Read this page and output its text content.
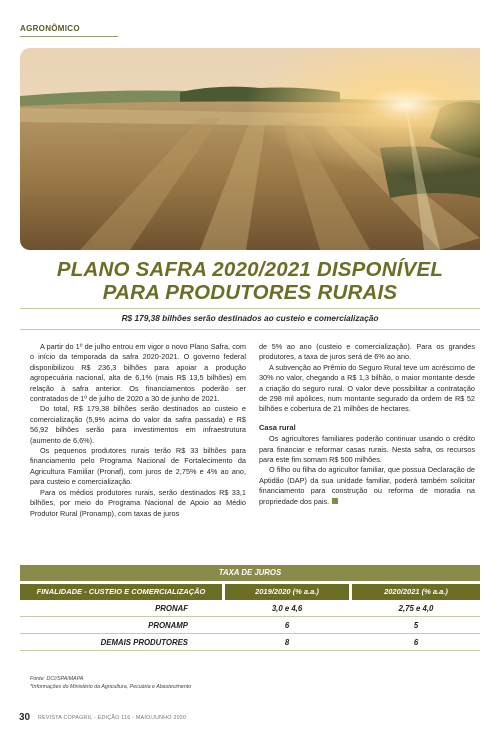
AGRONÔMICO
PLANO SAFRA 2020/2021 DISPONÍVEL
PARA PRODUTORES RURAIS
R$ 179,38 bilhões serão destinados ao custeio e comercialização

A partir do 1º de julho entrou em vigor o novo Plano Safra, com o início da temporada da safra 2020-2021. O governo federal disponibilizou R$ 236,3 bilhões para apoiar a produção agropecuária nacional, alta de 6,1% (mais R$ 13,5 bilhões) em relação à safra anterior. Os financiamentos poderão ser contratados de 1º de julho de 2020 a 30 de junho de 2021.

Do total, R$ 179,38 bilhões serão destinados ao custeio e comercialização (5,9% acima do valor da safra passada) e R$ 56,92 bilhões serão para investimentos em infraestrutura (aumento de 6,6%).

Os pequenos produtores rurais terão R$ 33 bilhões para financiamento pelo Programa Nacional de Fortalecimento da Agricultura Familiar (Pronaf), com juros de 2,75% e 4% ao ano, para custeio e comercialização.

Para os médios produtores rurais, serão destinados R$ 33,1 bilhões, por meio do Programa Nacional de Apoio ao Médio Produtor Rural (Pronamp), com taxas de juros

de 5% ao ano (custeio e comercialização). Para os grandes produtores, a taxa de juros será de 6% ao ano.

A subvenção ao Prêmio do Seguro Rural teve um acréscimo de 30% no valor, chegando a R$ 1,3 bilhão, o maior montante desde a criação do seguro rural. O valor deve possibilitar a contratação de 298 mil apólices, num montante segurado da ordem de R$ 52 bilhões e cobertura de 21 milhões de hectares.

Casa rural

Os agricultores familiares poderão continuar usando o crédito para financiar e reformar casas rurais. Nesta safra, os recursos para este fim somam R$ 500 milhões.

O filho ou filha do agricultor familiar, que possua Declaração de Aptidão (DAP) da sua unidade familiar, poderá também solicitar financiamento para construção ou reforma de moradia na propriedade dos pais.

TAXA DE JUROS
FINALIDADE - CUSTEIO E COMERCIALIZAÇÃO	2019/2020 (% a.a.)	2020/2021 (% a.a.)
PRONAF	3,0 e 4,6	2,75 e 4,0
PRONAMP	6	5
DEMAIS PRODUTORES	8	6
Fonte: DCI/SPA/MAPA
*Informações do Ministério da Agricultura, Pecuária e Abastecimento
30 REVISTA COPAGRIL - EDIÇÃO 116 - MAIO/JUNHO 2020
